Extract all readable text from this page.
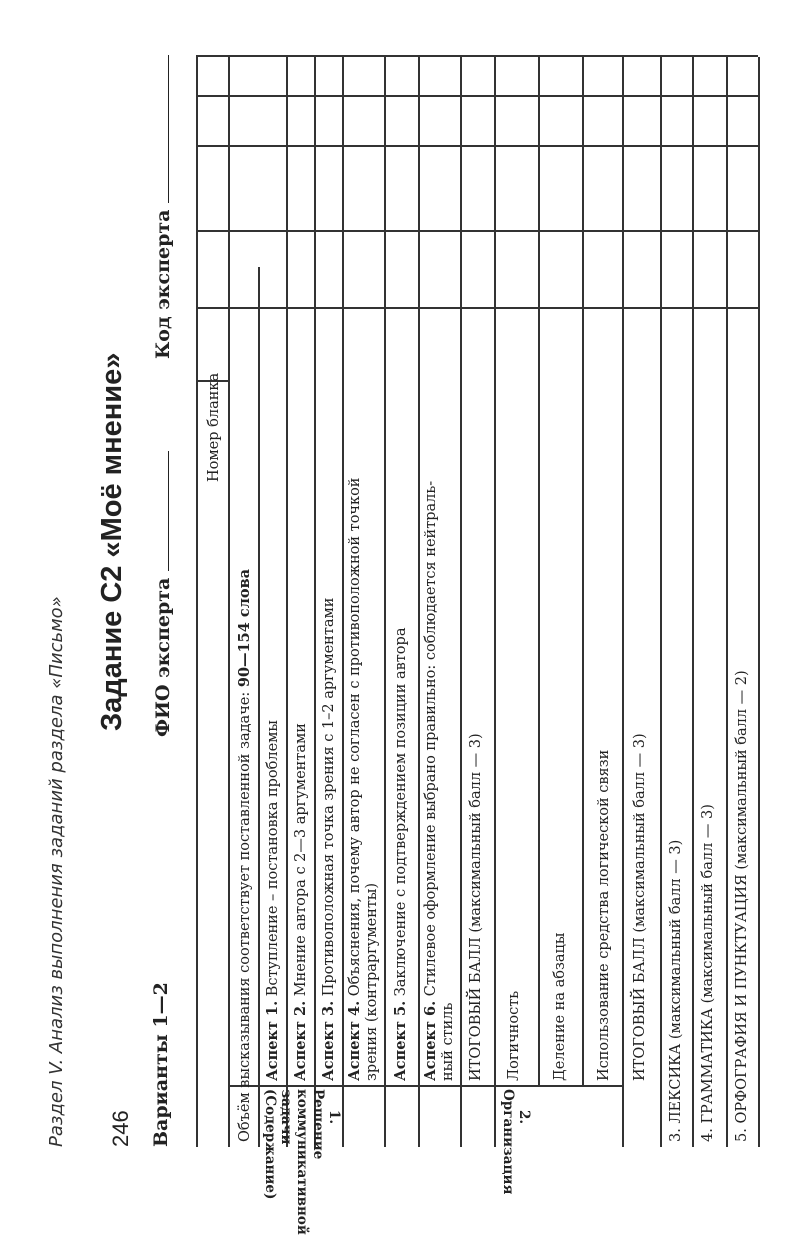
Раздел V. Анализ выполнения заданий раздела «Письмо» 246
Задание С2 «Моё мнение»
Варианты 1—2
ФИО эксперта
Код эксперта
Номер бланка
Объём высказывания соответствует поставленной задаче: 90—154 слова
1. Решение коммуникативной задачи (Содержание)
Аспект 1. Вступление – постановка проблемы
Аспект 2. Мнение автора с 2—3 аргументами
Аспект 3. Противоположная точка зрения с 1–2 аргументами
Аспект 4. Объяснения, почему автор не согласен с противоположной точкой
зрения (контраргументы) Аспект 5. Заключение с подтверждением позиции автора
Аспект 6. Стилевое оформление выбрано правильно: соблюдается нейтраль-
ный стиль ИТОГОВЫЙ БАЛЛ (максимальный балл — 3)
2. Организация
Логичность Деление на абзацы Использование средства логической связи ИТОГОВЫЙ БАЛЛ (максимальный балл — 3) 3. ЛЕКСИКА (максимальный балл — 3) 4. ГРАММАТИКА (максимальный балл — 3) 5. ОРФОГРАФИЯ И ПУНКТУАЦИЯ (максимальный балл — 2)
